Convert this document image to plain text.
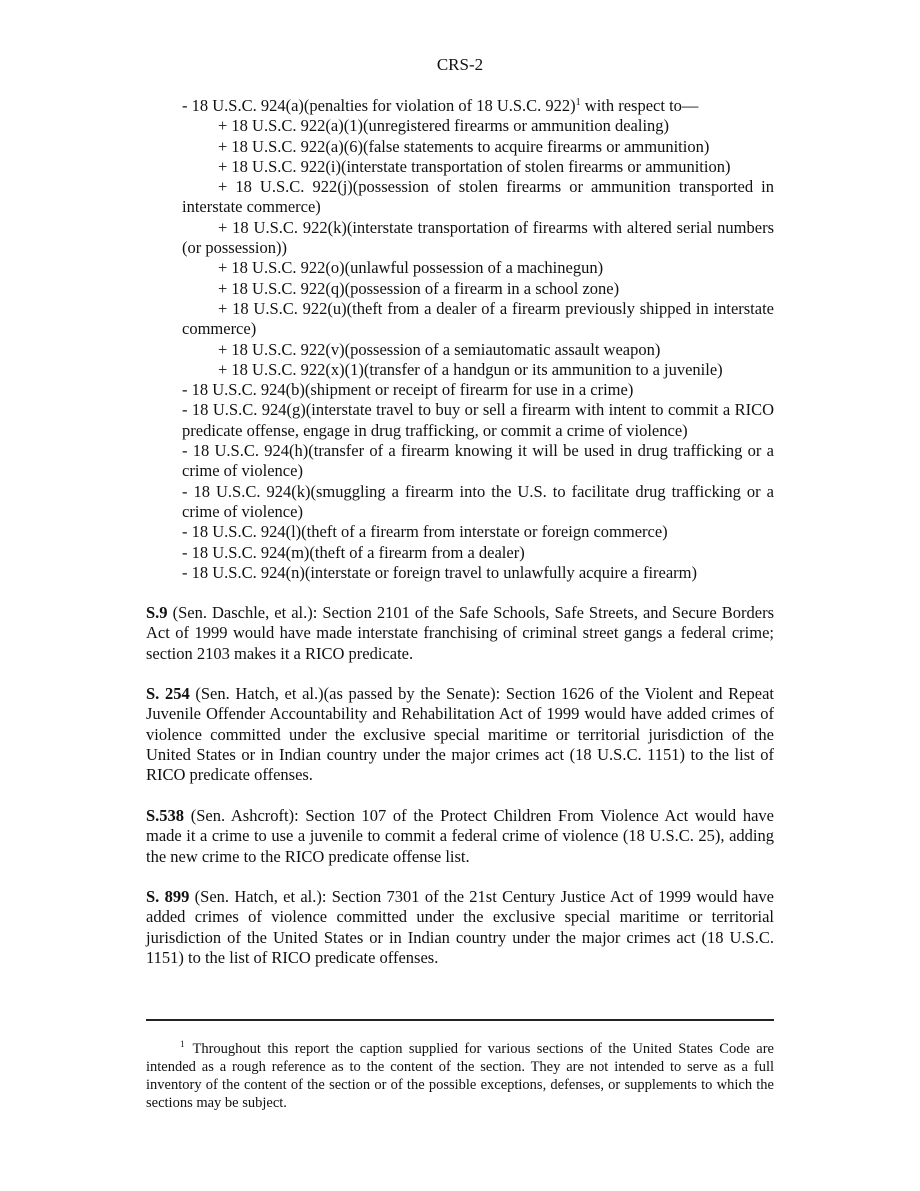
CRS-2
- 18 U.S.C. 924(a)(penalties for violation of 18 U.S.C. 922)$^1$ with respect to—
+ 18 U.S.C. 922(a)(1)(unregistered firearms or ammunition dealing)
+ 18 U.S.C. 922(a)(6)(false statements to acquire firearms or ammunition)
+ 18 U.S.C. 922(i)(interstate transportation of stolen firearms or ammunition)
+ 18 U.S.C. 922(j)(possession of stolen firearms or ammunition transported in interstate commerce)
+ 18 U.S.C. 922(k)(interstate transportation of firearms with altered serial numbers (or possession))
+ 18 U.S.C. 922(o)(unlawful possession of a machinegun)
+ 18 U.S.C. 922(q)(possession of a firearm in a school zone)
+ 18 U.S.C. 922(u)(theft from a dealer of a firearm previously shipped in interstate commerce)
+ 18 U.S.C. 922(v)(possession of a semiautomatic assault weapon)
+ 18 U.S.C. 922(x)(1)(transfer of a handgun or its ammunition to a juvenile)
- 18 U.S.C. 924(b)(shipment or receipt of firearm for use in a crime)
- 18 U.S.C. 924(g)(interstate travel to buy or sell a firearm with intent to commit a RICO predicate offense, engage in drug trafficking, or commit a crime of violence)
- 18 U.S.C. 924(h)(transfer of a firearm knowing it will be used in drug trafficking or a crime of violence)
- 18 U.S.C. 924(k)(smuggling a firearm into the U.S. to facilitate drug trafficking or a crime of violence)
- 18 U.S.C. 924(l)(theft of a firearm from interstate or foreign commerce)
- 18 U.S.C. 924(m)(theft of a firearm from a dealer)
- 18 U.S.C. 924(n)(interstate or foreign travel to unlawfully acquire a firearm)

S.9 (Sen. Daschle, et al.): Section 2101 of the Safe Schools, Safe Streets, and Secure Borders Act of 1999 would have made interstate franchising of criminal street gangs a federal crime; section 2103 makes it a RICO predicate.

S. 254 (Sen. Hatch, et al.)(as passed by the Senate): Section 1626 of the Violent and Repeat Juvenile Offender Accountability and Rehabilitation Act of 1999 would have added crimes of violence committed under the exclusive special maritime or territorial jurisdiction of the United States or in Indian country under the major crimes act (18 U.S.C. 1151) to the list of RICO predicate offenses.

S.538 (Sen. Ashcroft): Section 107 of the Protect Children From Violence Act would have made it a crime to use a juvenile to commit a federal crime of violence (18 U.S.C. 25), adding the new crime to the RICO predicate offense list.

S. 899 (Sen. Hatch, et al.): Section 7301 of the 21st Century Justice Act of 1999 would have added crimes of violence committed under the exclusive special maritime or territorial jurisdiction of the United States or in Indian country under the major crimes act (18 U.S.C. 1151) to the list of RICO predicate offenses.

$^1$ Throughout this report the caption supplied for various sections of the United States Code are intended as a rough reference as to the content of the section. They are not intended to serve as a full inventory of the content of the section or of the possible exceptions, defenses, or supplements to which the sections may be subject.
